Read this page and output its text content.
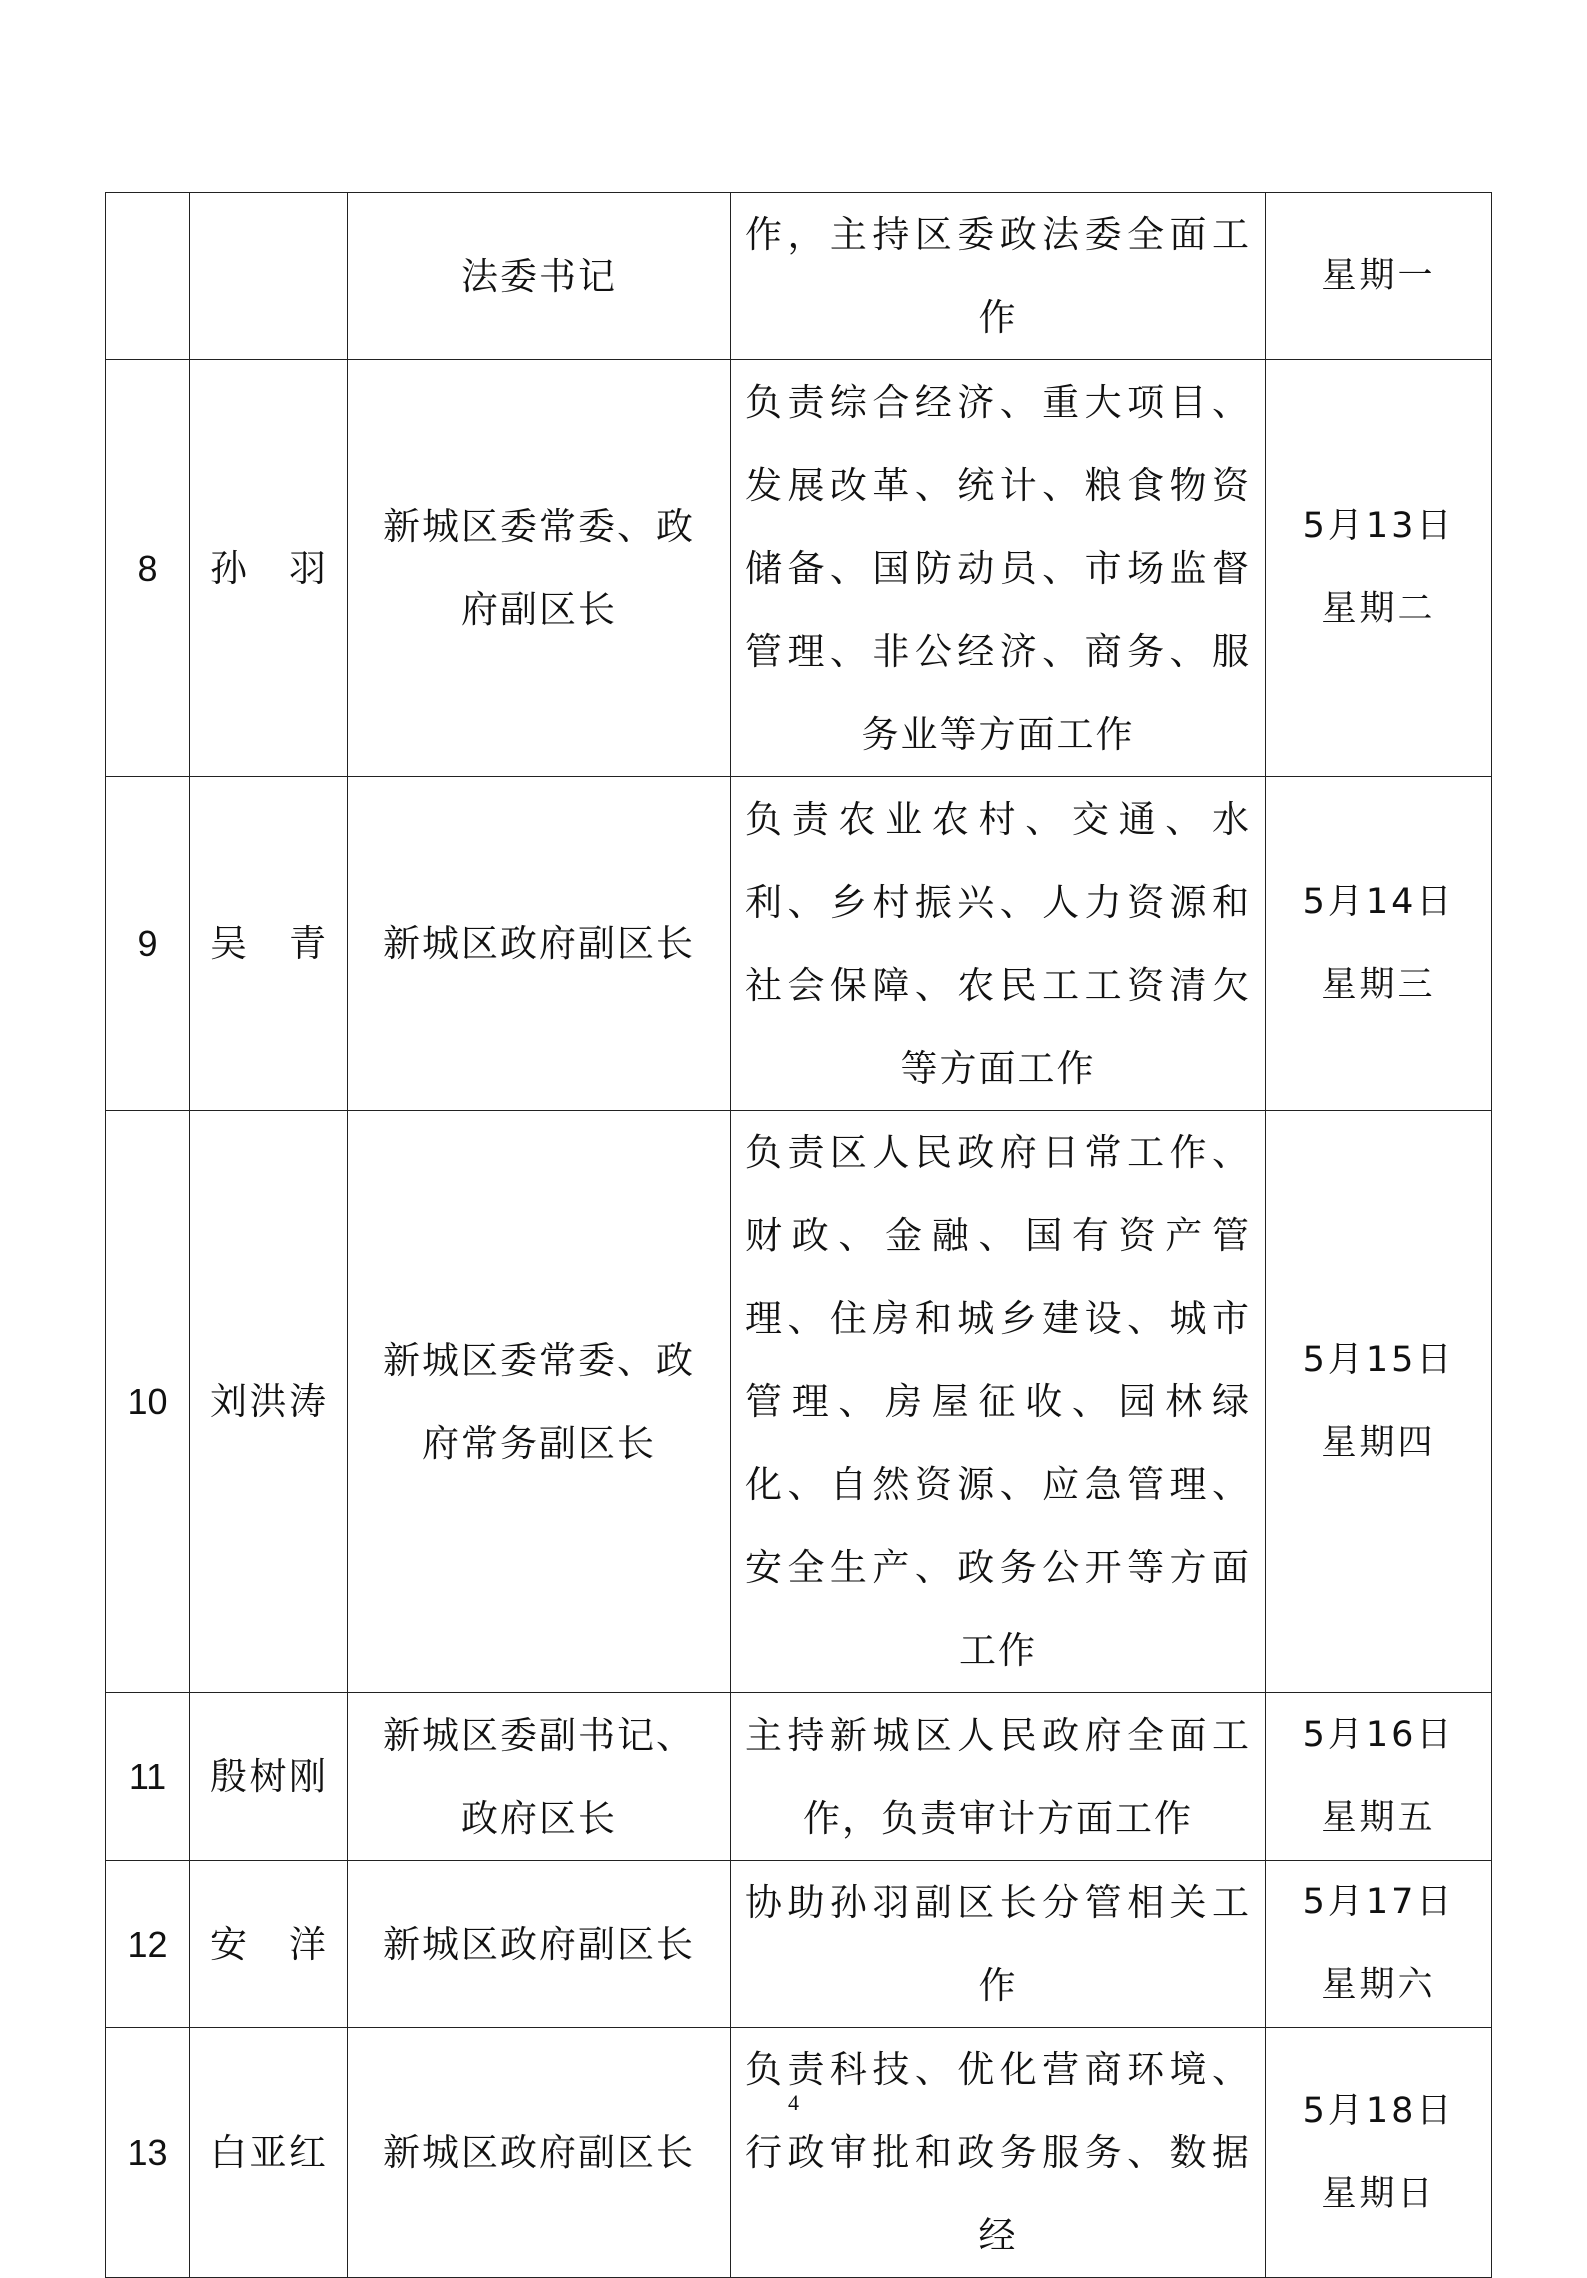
	法委书记	作，主持区委政法委全面工作	星期一

8	孙　羽	新城区委常委、政府副区长	负责综合经济、重大项目、发展改革、统计、粮食物资储备、国防动员、市场监督管理、非公经济、商务、服务业等方面工作	5月13日
星期二

9	吴　青	新城区政府副区长	负责农业农村、交通、水利、乡村振兴、人力资源和社会保障、农民工工资清欠等方面工作	5月14日
星期三

10	刘洪涛	新城区委常委、政府常务副区长	负责区人民政府日常工作、财政、金融、国有资产管理、住房和城乡建设、城市管理、房屋征收、园林绿化、自然资源、应急管理、安全生产、政务公开等方面工作	5月15日
星期四

11	殷树刚	新城区委副书记、政府区长	主持新城区人民政府全面工作，负责审计方面工作	5月16日
星期五

12	安　洋	新城区政府副区长	协助孙羽副区长分管相关工作	5月17日
星期六

13	白亚红	新城区政府副区长	负责科技、优化营商环境、行政审批和政务服务、数据经	5月18日
星期日
4
